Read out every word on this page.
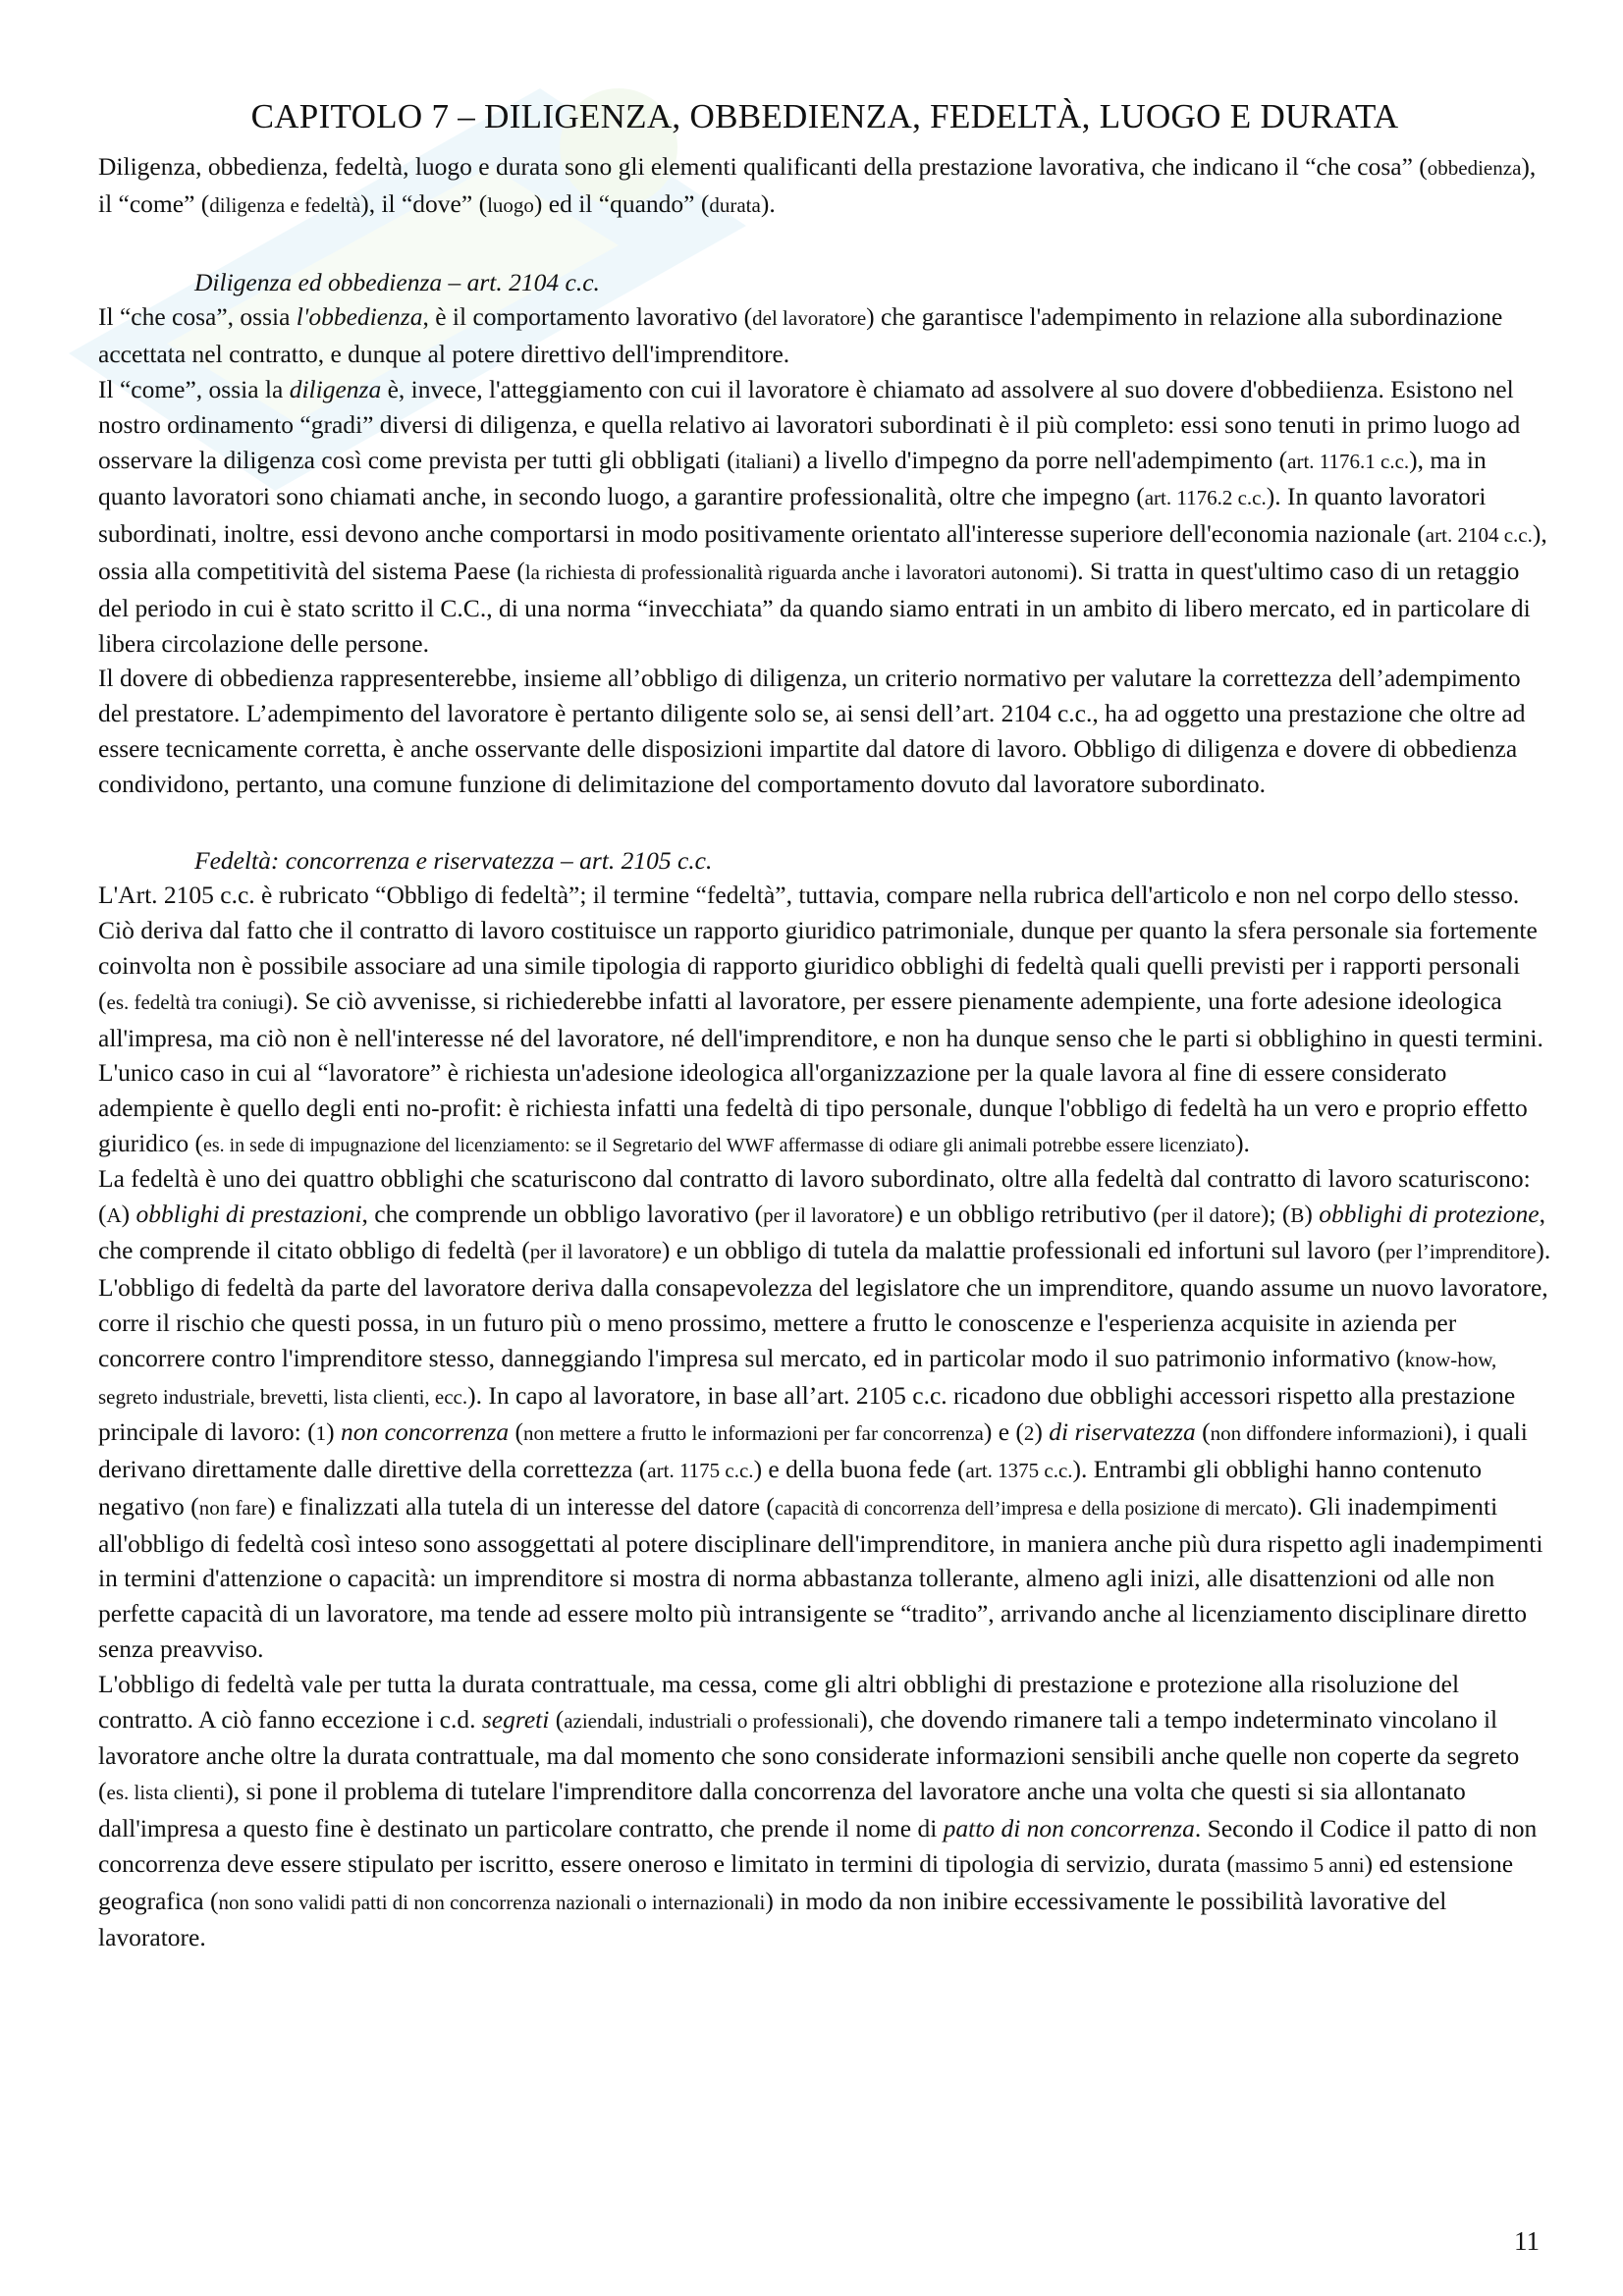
CAPITOLO 7 – DILIGENZA, OBBEDIENZA, FEDELTÀ, LUOGO E DURATA

Diligenza, obbedienza, fedeltà, luogo e durata sono gli elementi qualificanti della prestazione lavorativa, che indicano il “che cosa” (obbedienza), il “come” (diligenza e fedeltà), il “dove” (luogo) ed il “quando” (durata).

Diligenza ed obbedienza – art. 2104 c.c.

Il “che cosa”, ossia l'obbedienza, è il comportamento lavorativo (del lavoratore) che garantisce l'adempimento in relazione alla subordinazione accettata nel contratto, e dunque al potere direttivo dell'imprenditore.

Il “come”, ossia la diligenza è, invece, l'atteggiamento con cui il lavoratore è chiamato ad assolvere al suo dovere d'obbediienza. Esistono nel nostro ordinamento “gradi” diversi di diligenza, e quella relativo ai lavoratori subordinati è il più completo: essi sono tenuti in primo luogo ad osservare la diligenza così come prevista per tutti gli obbligati (italiani) a livello d'impegno da porre nell'adempimento (art. 1176.1 c.c.), ma in quanto lavoratori sono chiamati anche, in secondo luogo, a garantire professionalità, oltre che impegno (art. 1176.2 c.c.). In quanto lavoratori subordinati, inoltre, essi devono anche comportarsi in modo positivamente orientato all'interesse superiore dell'economia nazionale (art. 2104 c.c.), ossia alla competitività del sistema Paese (la richiesta di professionalità riguarda anche i lavoratori autonomi). Si tratta in quest'ultimo caso di un retaggio del periodo in cui è stato scritto il C.C., di una norma “invecchiata” da quando siamo entrati in un ambito di libero mercato, ed in particolare di libera circolazione delle persone.

Il dovere di obbedienza rappresenterebbe, insieme all’obbligo di diligenza, un criterio normativo per valutare la correttezza dell’adempimento del prestatore. L’adempimento del lavoratore è pertanto diligente solo se, ai sensi dell’art. 2104 c.c., ha ad oggetto una prestazione che oltre ad essere tecnicamente corretta, è anche osservante delle disposizioni impartite dal datore di lavoro. Obbligo di diligenza e dovere di obbedienza condividono, pertanto, una comune funzione di delimitazione del comportamento dovuto dal lavoratore subordinato.

Fedeltà: concorrenza e riservatezza – art. 2105 c.c.

L'Art. 2105 c.c. è rubricato “Obbligo di fedeltà”; il termine “fedeltà”, tuttavia, compare nella rubrica dell'articolo e non nel corpo dello stesso. Ciò deriva dal fatto che il contratto di lavoro costituisce un rapporto giuridico patrimoniale, dunque per quanto la sfera personale sia fortemente coinvolta non è possibile associare ad una simile tipologia di rapporto giuridico obblighi di fedeltà quali quelli previsti per i rapporti personali (es. fedeltà tra coniugi). Se ciò avvenisse, si richiederebbe infatti al lavoratore, per essere pienamente adempiente, una forte adesione ideologica all'impresa, ma ciò non è nell'interesse né del lavoratore, né dell'imprenditore, e non ha dunque senso che le parti si obblighino in questi termini. L'unico caso in cui al “lavoratore” è richiesta un'adesione ideologica all'organizzazione per la quale lavora al fine di essere considerato adempiente è quello degli enti no-profit: è richiesta infatti una fedeltà di tipo personale, dunque l'obbligo di fedeltà ha un vero e proprio effetto giuridico (es. in sede di impugnazione del licenziamento: se il Segretario del WWF affermasse di odiare gli animali potrebbe essere licenziato).

La fedeltà è uno dei quattro obblighi che scaturiscono dal contratto di lavoro subordinato, oltre alla fedeltà dal contratto di lavoro scaturiscono: (A) obblighi di prestazioni, che comprende un obbligo lavorativo (per il lavoratore) e un obbligo retributivo (per il datore); (B) obblighi di protezione, che comprende il citato obbligo di fedeltà (per il lavoratore) e un obbligo di tutela da malattie professionali ed infortuni sul lavoro (per l’imprenditore). L'obbligo di fedeltà da parte del lavoratore deriva dalla consapevolezza del legislatore che un imprenditore, quando assume un nuovo lavoratore, corre il rischio che questi possa, in un futuro più o meno prossimo, mettere a frutto le conoscenze e l'esperienza acquisite in azienda per concorrere contro l'imprenditore stesso, danneggiando l'impresa sul mercato, ed in particolar modo il suo patrimonio informativo (know-how, segreto industriale, brevetti, lista clienti, ecc.). In capo al lavoratore, in base all’art. 2105 c.c. ricadono due obblighi accessori rispetto alla prestazione principale di lavoro: (1) non concorrenza (non mettere a frutto le informazioni per far concorrenza) e (2) di riservatezza (non diffondere informazioni), i quali derivano direttamente dalle direttive della correttezza (art. 1175 c.c.) e della buona fede (art. 1375 c.c.). Entrambi gli obblighi hanno contenuto negativo (non fare) e finalizzati alla tutela di un interesse del datore (capacità di concorrenza dell’impresa e della posizione di mercato). Gli inadempimenti all'obbligo di fedeltà così inteso sono assoggettati al potere disciplinare dell'imprenditore, in maniera anche più dura rispetto agli inadempimenti in termini d'attenzione o capacità: un imprenditore si mostra di norma abbastanza tollerante, almeno agli inizi, alle disattenzioni od alle non perfette capacità di un lavoratore, ma tende ad essere molto più intransigente se “tradito”, arrivando anche al licenziamento disciplinare diretto senza preavviso.

L'obbligo di fedeltà vale per tutta la durata contrattuale, ma cessa, come gli altri obblighi di prestazione e protezione alla risoluzione del contratto. A ciò fanno eccezione i c.d. segreti (aziendali, industriali o professionali), che dovendo rimanere tali a tempo indeterminato vincolano il lavoratore anche oltre la durata contrattuale, ma dal momento che sono considerate informazioni sensibili anche quelle non coperte da segreto (es. lista clienti), si pone il problema di tutelare l'imprenditore dalla concorrenza del lavoratore anche una volta che questi si sia allontanato dall'impresa a questo fine è destinato un particolare contratto, che prende il nome di patto di non concorrenza. Secondo il Codice il patto di non concorrenza deve essere stipulato per iscritto, essere oneroso e limitato in termini di tipologia di servizio, durata (massimo 5 anni) ed estensione geografica (non sono validi patti di non concorrenza nazionali o internazionali) in modo da non inibire eccessivamente le possibilità lavorative del lavoratore.

11
